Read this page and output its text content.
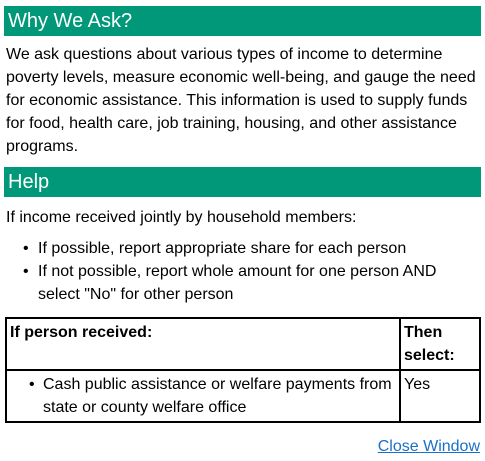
Why We Ask?

We ask questions about various types of income to determine poverty levels, measure economic well-being, and gauge the need for economic assistance. This information is used to supply funds for food, health care, job training, housing, and other assistance programs.

Help

If income received jointly by household members:

• If possible, report appropriate share for each person
• If not possible, report whole amount for one person AND select "No" for other person
If person received:	Then select:

• Cash public assistance or welfare payments from state or county welfare office	Yes
Close Window
